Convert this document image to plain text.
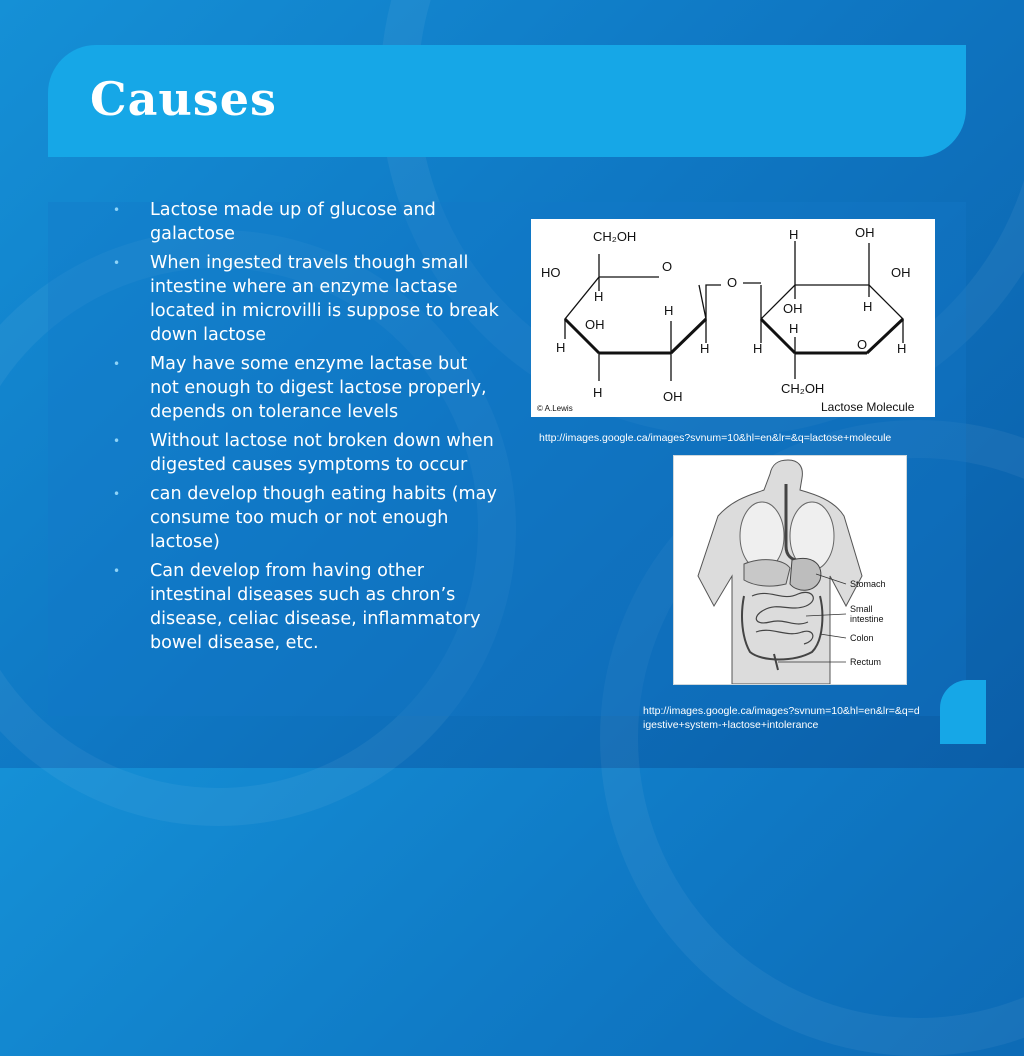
Causes
• Lactose made up of glucose and galactose
• When ingested travels though small intestine where an enzyme lactase located in microvilli is suppose to break down lactose
• May have some enzyme lactase but not enough to digest lactose properly, depends on tolerance levels
• Without lactose not broken down when digested causes symptoms to occur
• can develop though eating habits (may consume too much or not enough lactose)
• Can develop from having other intestinal diseases such as chron’s disease, celiac disease, inflammatory bowel disease, etc.
CH₂OH	H	OH
HO	O
O
OH
H
OH
H
H
H
OH	H
H	O H
H
H	OH
CH₂OH
© A.Lewis	Lactose Molecule
http://images.google.ca/images?svnum=10&hl=en&lr=&q=lactose+molecule
Stomach
Small
intestine
Colon
Rectum
http://images.google.ca/images?svnum=10&hl=en&lr=&q=d
igestive+system-+lactose+intolerance
